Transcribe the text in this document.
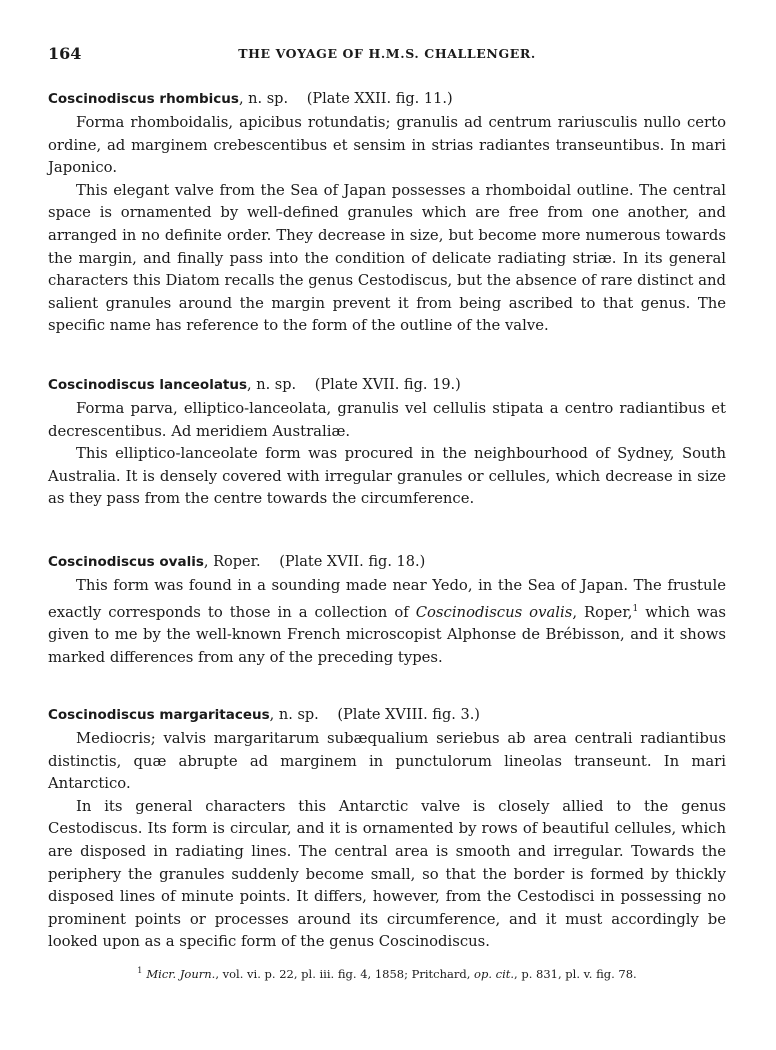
164	THE VOYAGE OF H.M.S. CHALLENGER.
Coscinodiscus rhombicus, n. sp. (Plate XXII. fig. 11.)

Forma rhomboidalis, apicibus rotundatis; granulis ad centrum rariusculis nullo certo ordine, ad marginem crebescentibus et sensim in strias radiantes transeuntibus. In mari Japonico.

This elegant valve from the Sea of Japan possesses a rhomboidal outline. The central space is ornamented by well-defined granules which are free from one another, and arranged in no definite order. They decrease in size, but become more numerous towards the margin, and finally pass into the condition of delicate radiating striæ. In its general characters this Diatom recalls the genus Cestodiscus, but the absence of rare distinct and salient granules around the margin prevent it from being ascribed to that genus. The specific name has reference to the form of the outline of the valve.

Coscinodiscus lanceolatus, n. sp. (Plate XVII. fig. 19.)

Forma parva, elliptico-lanceolata, granulis vel cellulis stipata a centro radiantibus et decrescentibus. Ad meridiem Australiæ.

This elliptico-lanceolate form was procured in the neighbourhood of Sydney, South Australia. It is densely covered with irregular granules or cellules, which decrease in size as they pass from the centre towards the circumference.

Coscinodiscus ovalis, Roper. (Plate XVII. fig. 18.)

This form was found in a sounding made near Yedo, in the Sea of Japan. The frustule exactly corresponds to those in a collection of Coscinodiscus ovalis, Roper,$^1$ which was given to me by the well-known French microscopist Alphonse de Brébisson, and it shows marked differences from any of the preceding types.

Coscinodiscus margaritaceus, n. sp. (Plate XVIII. fig. 3.)

Mediocris; valvis margaritarum subæqualium seriebus ab area centrali radiantibus distinctis, quæ abrupte ad marginem in punctulorum lineolas transeunt. In mari Antarctico.

In its general characters this Antarctic valve is closely allied to the genus Cestodiscus. Its form is circular, and it is ornamented by rows of beautiful cellules, which are disposed in radiating lines. The central area is smooth and irregular. Towards the periphery the granules suddenly become small, so that the border is formed by thickly disposed lines of minute points. It differs, however, from the Cestodisci in possessing no prominent points or processes around its circumference, and it must accordingly be looked upon as a specific form of the genus Coscinodiscus.

$^1$ Micr. Journ., vol. vi. p. 22, pl. iii. fig. 4, 1858; Pritchard, op. cit., p. 831, pl. v. fig. 78.
